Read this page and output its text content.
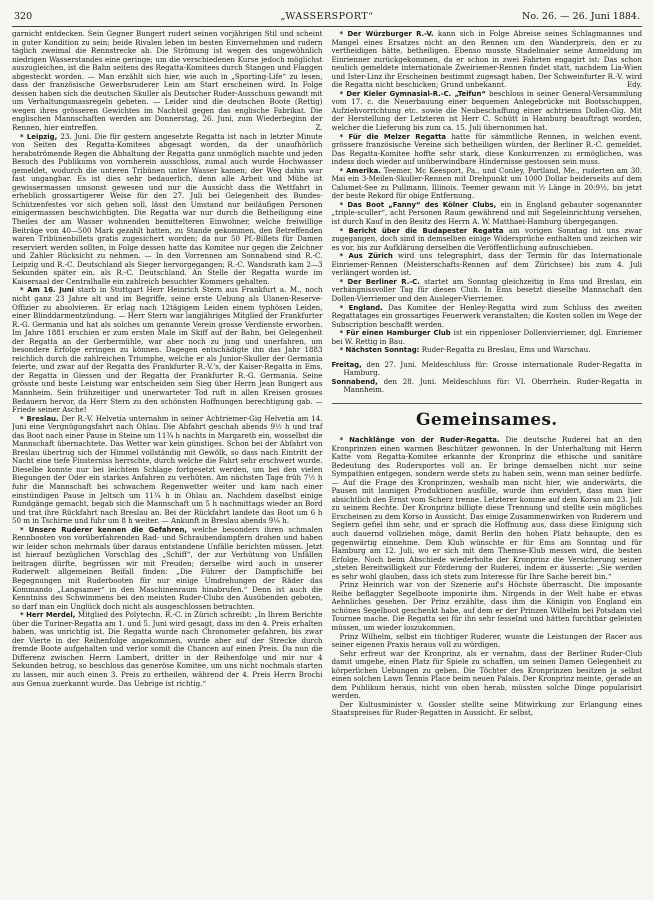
320	„WASSERSPORT“	No. 26. — 26. Juni 1884.

garnicht entdecken. Sein Gegner Bungert rudert seinen vorjährigen Stil und scheint in guter Kondition zu sein; beide Rivalen leben im besten Einvernehmen und rudern täglich zweimal die Rennstrecke ab. Die Strömung ist wegen des ungewöhnlich niedrigen Wasserstandes eine geringe; um die verschiedenen Kurse jedoch möglichst auszugleichen, ist die Bahn seitens des Regatta-Komitees durch Stangen und Flaggen abgesteckt worden. — Man erzählt sich hier, wie auch in „Sporting-Life“ zu lesen, dass der französische Gewerbsruderer Lein am Start erscheinen wird. In Folge dessen haben sich die deutschen Skuller als Deutscher Ruder-Ausschuss gewandt mit um Verhaltungsmassregeln gebeten. — Leider sind die deutschen Boote (Rettig) wegen ihres grösseren Gewichtes im Nachteil gegen das englische Fabrikat. Die englischen Mannschaften werden am Donnerstag, 26. Juni, zum Wiederbeginn der Rennen, hier eintreffen.	Z.

* Leipzig, 23. Juni. Die für gestern angesetzte Regatta ist nach in letzter Minute von Seiten des Regatta-Komitees abgesagt worden, da der unaufhörlich herabströmende Regen die Abhaltung der Regatta ganz unmöglich machte und jeden Besuch des Publikums von vornherein ausschloss, zumal auch wurde Hochwasser gemeldet, wodurch die unteren Tribünen unter Wasser kamen; der Weg dahin war fast ungangbar. Es ist dies sehr bedauerlich, denn alle Arbeit und Mühe ist gewissermassen umsonst gewesen und nur die Aussicht dass die Wettfahrt in erheblich grossartigerer Weise für den 27. Juli bei Gelegenheit des Bundes-Schützenfestes vor sich gehen soll, lässt den Umstand nur beiläufigen Personen einigermassen beschwichtigten. Die Regatta war nur durch die Betheiligung eine Theiles der am Wasser wohnenden bemittelteren Einwohner, welche freiwillige Beiträge von 40—500 Mark gezahlt hatten, zu Stande gekommen, den Betreffenden waren Tribünenbillets gratis zugesichert worden; da nur 50 Pf.-Billets für Damen reserviert werden sollten, in Folge dessen hatte das Komitee nur gegen die Zeichner und Zahler Rücksicht zu nehmen. — In den Vorrennen am Sonnabend sind R.-C. Leipzig und R.-C. Deutschland als Sieger hervorgegangen; R.-C. Wandsrath kam 2—3 Sekunden später ein, als R.-C. Deutschland. An Stelle der Regatta wurde im Kaisersaal der Centralhalle ein zahlreich besuchter Kommers gehalten.

* Am 16. Juni starb in Stuttgart Herr Heinrich Stern aus Frankfurt a. M., noch nicht ganz 23 Jahre alt und im Begriffe, seine erste Uebung als Ulanen-Reserve-Offizier zu absolvieren. Er erlag nach 12tägigem Leiden einem typhösen Leiden, einer Blinddarmentzündung. — Herr Stern war langjähriges Mitglied der Frankfurter R.-G. Germania und hat als solches um genannte Verein grosse Verdienste erworben. Im Jahre 1881 erschien er zum ersten Male im Skiff auf der Bahn, bei Gelegenheit der Regatta an der Gerbermühle, war aber noch zu jung und unerfahren, um besondere Erfolge erringen zu können. Dagegen entschädigte ihn das Jahr 1883 reichlich durch die zahlreichen Triumphe, welche er als Junior-Skuller der Germania feierte, und zwar auf der Regatta des Frankfurter R.-V.'s, der Kaiser-Regatta in Ems, der Regatta in Giessen und der Regatta der Frankfurter R.-G. Germania. Seine grösste und beste Leistung war entscheiden sein Sieg über Herrn Jean Bungert aus Mannheim. Sein frühzeitiger und unerwarteter Tod ruft in allen Kreisen grosses Bedauern hervor, da Herr Stern zu den schönsten Hoffnungen berechtigung gab. — Friede seiner Asche!

* Breslau. Der R.-V. Helvetia unternahm in seiner Achtriemer-Gig Helvetia am 14. Juni eine Vergnügungsfahrt nach Ohlau. Die Abfahrt geschah abends 9½ h und traf das Boot nach einer Pause in Steine um 11¾ h nachts in Margareth ein, wosselbst die Mannschaft übernachtete. Das Wetter war kein günstiges. Schon bei der Abfahrt von Breslau übertrug sich der Himmel vollständig mit Gewölk, so dass nach Eintritt der Nacht eine tiefe Finsterniss herrschte, durch welche die Fahrt sehr erschwert wurde. Dieselbe konnte nur bei leichtem Schlage fortgesetzt werden, um bei den vielen Biegungen der Oder ein starkes Anfahren zu verhüten. Am nächsten Tage früh 7½ h fuhr die Mannschaft bei schwachem Regenwetter weiter und kam nach einer einstündigen Pause in Jeltsch um 11¼ h in Ohlau an. Nachdem daselbst einige Rundgänge gemacht, begab sich die Mannschaft um 5 h nachmittags wieder an Bord und trat ihre Rückfahrt nach Breslau an. Bei der Rückfahrt landete das Boot um 6 h 50 m in Tschirne und fuhr um 8 h weiter. — Ankunft in Breslau abends 9¼ h.

* Unsere Ruderer kennen die Gefahren, welche besonders ihren schmalen Rennbooten von vorüberfahrenden Rad- und Schraubendampfern drohen und haben wir leider schon mehrmals über daraus entstandene Unfälle berichten müssen. Jetzt ist hierauf bezüglichen Vorschlag des „Schiff“, der zur Verhütung von Unfällen beitragen dürfte, begrüssen wir mit Freuden; derselbe wird auch in unserer Ruderwelt allgemeinen Beifall finden: „Die Führer der Dampfschiffe bei Begegnungen mit Ruderbooten für nur einige Umdrehungen der Räder das Kommando „Langsamer“ in den Maschinenraum hinabrufen.“ Denn ist auch die Kenntniss des Schwimmens bei den meisten Ruder-Clubs den Ausübenden geboten, so darf man ein Unglück doch nicht als ausgeschlossen betrachten.

* Herr Merdel, Mitglied des Polytechn. R.-C. in Zürich schreibt: „In Ihrem Berichte über die Turiner-Regatta am 1. und 5. Juni wird gesagt, dass im den 4. Preis erhalten haben, was unrichtig ist. Die Regatta wurde nach Chronometer gefahren, bis zwar der Vierte in der Reihenfolge angekommen, wurde aber auf der Strecke durch fremde Boote aufgehalten und verlor somit die Chancen auf einen Preis. Da nun die Differenz zwischen Herrn Lambert, dritter in der Reihenfolge und mir nur 4 Sekunden betrug, so beschloss das generöse Komitee, um uns nicht nochmals starten zu lassen, mir auch einen 3. Preis zu ertheilen, während der 4. Preis Herrn Brochi aus Genua zuerkannt wurde. Das Uebrige ist richtig.“

* Der Würzburger R.-V. kann sich in Folge Abreise seines Schlagmannes und Mangel eines Ersatzes nicht an den Rennen um den Wanderpreis, den er zu vertheidigen hätte, betheiligen. Ebenso musste Stadelmaier seine Anmeldung im Einrienner zurückgekommen, da er schon in zwei Fahrten engagirt ist: Das schon neulich gemeldete internationale Zweiriemer-Rennen findet statt, nachdem Lia-Wien und Ister-Linz ihr Erscheinen bestimmt zugesagt haben. Der Schweinfurter R.-V. wird die Regatta nicht beschicken; Grund unbekannt.	Edy.

* Der Kieler Gymnasial-R.-C. „Teifun“ beschloss in seiner General-Versammlung vom 17. c. die Neuerbauung einer bequemen Anlegebrücke mit Bootsschuppen, Aufziehvorrichtung etc. sowie die Neubeschaffung einer achtriems Dollen-Gig. Mit der Herstellung der Letzteren ist Herr C. Schütt in Hamburg beauftragt worden, welcher die Lieferung bis zum ca. 15. Juli übernommen hat.

* Für die Melzer Regatta hatte für sämmtliche Rennen, in welchen event. grössere französische Vereine sich betheiligen würden, der Berliner R.-C. gemeldet. Das Regatta-Komitee hoffte sehr stark, diese Konkurrenzen zu ermöglichen, was indess doch wieder auf unüberwindbare Hindernisse gestossen sein muss.

* Amerika. Teemer, Mc Keesport, Pa., und Conley, Portland, Me., ruderten am 30. Mai ein 3-Meilen-Skuller-Rennen mit Drehpunkt um 1000 Dollar beiderseits auf dem Calumet-See zu Pullmann, Illinois. Teemer gewann mit ½ Länge in 20:9½, bis jetzt der beste Rekord für obige Entfernung.

* Das Boot „Fanny“ des Kölner Clubs, ein in England gebauter sogenannter „triple-sculler“, acht Personen Raum gewährend und mit Segeleinrichtung versehen, ist durch Kauf in den Besitz des Herrn A. W. Matthaei-Hamburg übergegangen.

* Bericht über die Budapester Regatta am vorigen Sonntag ist uns zwar zugegangen, doch sind in demselben einige Widersprüche enthalten und zeichen wir es vor, bis zur Aufklärung derselben die Veröffentlichung aufzuschieben.

* Aus Zürich wird uns telegraphirt, dass der Termin für das Internationale Einriemer-Rennen (Meisterschafts-Rennen auf dem Zürichsee) bis zum 4. Juli verlängert worden ist.

* Der Berliner R.-C. startet am Sonntag gleichzeitig in Ems und Breslau, ein verhängnissvoller Tag für diesen Club. In Ems besetzt dieselbe Mannschaft den Dollen-Vierriemer und den Ausleger-Vierriemer.

* England. Das Komitee der Henley-Regatta wird zum Schluss des zweiten Regattatages ein grossartiges Feuerwerk veranstalten; die Kosten sollen im Wege der Subscription beschafft werden.

* Für einen Hamburger Club ist ein rippenloser Dollenvierriemer, dgl. Einriemer bei W. Rettig in Bau.

* Nächsten Sonntag: Ruder-Regatta zu Breslau, Ems und Warschau.

Freitag, den 27. Juni. Meldeschluss für: Grosse internationale Ruder-Regatta in Hamburg.

Sonnabend, den 28. Juni. Meldeschluss für: VI. Oberrhein. Ruder-Regatta in Mannheim.

Gemeinsames.

* Nachklänge von der Ruder-Regatta. Die deutsche Ruderei hat an den Kronprinzen einen warmen Beschützer gewonnen. In der Unterhaltung mit Herrn Katte vom Regatta-Komitee erkannte der Kronprinz die ethische und sanitäre Bedeutung des Rudersportes voll an. Er bringe demselben nicht nur seine Sympathien entgegen, sondern werde stets zu haben sein, wenn man seiner bedürfe. — Auf die Frage des Kronprinzen, weshalb man nicht hier, wie anderwärts, die Pausen mit launigen Produktionen ausfülle, wurde ihm erwidert, dass man hier absichtlich den Ernst vom Scherz trenne. Letzterer komme auf dem Korso am 23. Juli zu seinem Rechte. Der Kronprinz billigte diese Trennung und stellte sein mögliches Erscheinen zu dem Korso in Aussicht. Das einige Zusammenwirken von Ruderern und Seglern gefiel ihm sehr, und er sprach die Hoffnung aus, dass diese Einigung sich auch dauernd vollziehen möge, damit Berlin den hohen Platz behaupte, den es gegenwärtig einnehme. Dem Klub wünschte er für Ems am Sonntag und für Hamburg am 12. Juli, wo er sich mit dem Themse-Klub messen wird, die besten Erfolge. Noch beim Abschiede wiederholte der Kronprinz die Versicherung seiner „steten Bereitwilligkeit zur Förderung der Ruderei, indem er äusserte: „Sie werden es sehr wohl glauben, dass ich stets zum Interesse für Ihre Sache bereit bin.“

Prinz Heinrich war von der Szenerie auf's Höchste überrascht. Die imposante Reihe beflaggter Segelboote imponirte ihm. Nirgends in der Welt habe er etwas Aehnliches gesehen. Der Prinz erzählte, dass ihm die Königin von England ein schönes Segelboot geschenkt habe, auf dem er der Prinzen Wilhelm bei Potsdam viel Tournee mache. Die Regatta sei für ihn sehr fesselnd und hätten furchtbar geleisten müssen, um wieder loszukommen.

Prinz Wilhelm, selbst ein tüchtiger Ruderer, wusste die Leistungen der Racer aus seiner eigenen Praxis heraus voll zu würdigen.

Sehr erfreut war der Kronprinz, als er vernahm, dass der Berliner Ruder-Club damit umgehe, einen Platz für Spiele zu schaffen, um seinen Damen Gelegenheit zu körperlichen Uebungen zu geben. Die Töchter des Kronprinzen besitzen ja selbst einen solchen Lawn Tennis Place beim neuen Palais. Der Kronprinz meinte, gerade an dem Publikum heraus, nicht von oben herab, müssten solche Dinge popularisirt werden.

Der Kultusminister v. Gossler stellte seine Mitwirkung zur Erlangung eines Staatspreises für Ruder-Regatten in Aussicht. Er selbst,
